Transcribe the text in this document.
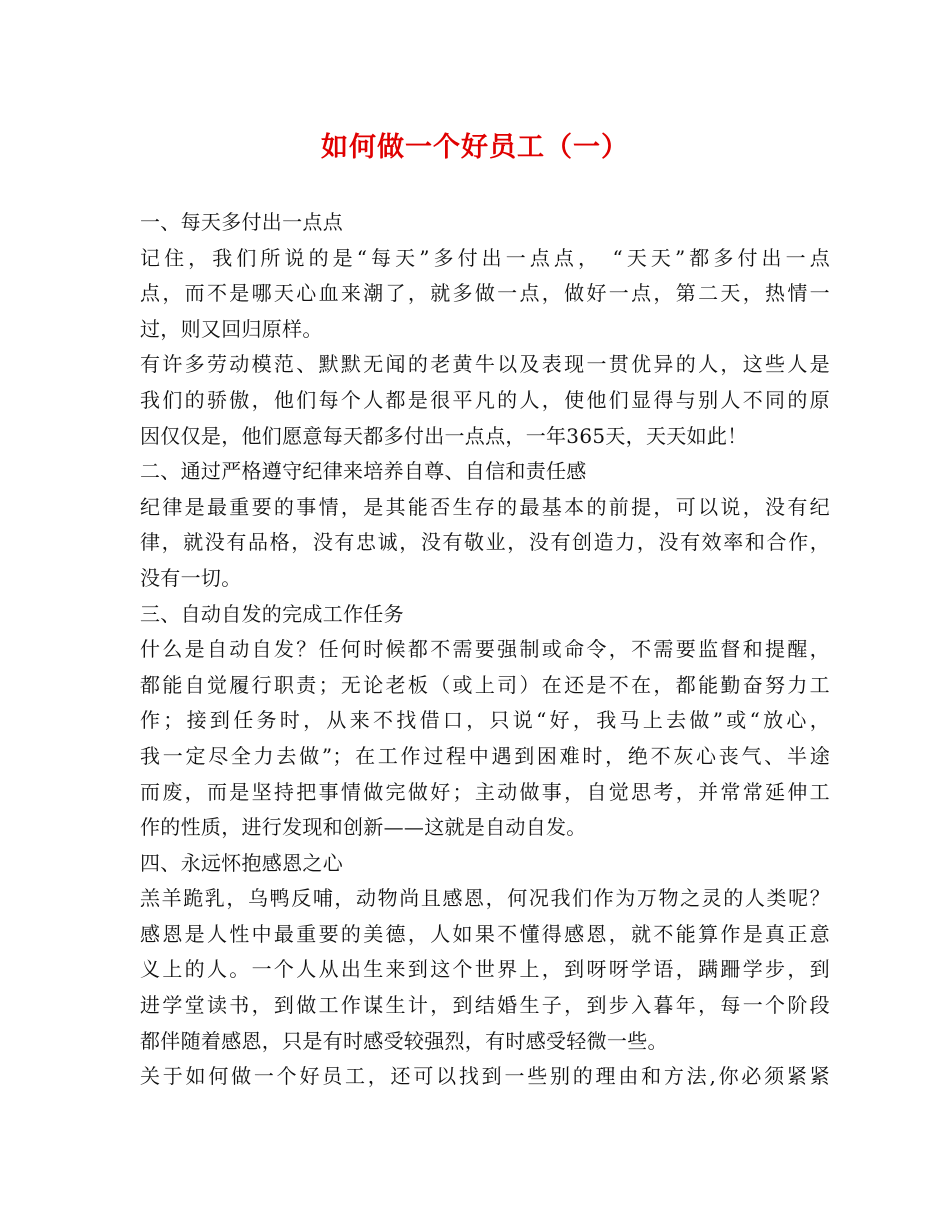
如何做一个好员工（一）
一、每天多付出一点点
记住，我们所说的是“每天”多付出一点点， “天天”都多付出一点
点，而不是哪天心血来潮了，就多做一点，做好一点，第二天，热情一
过，则又回归原样。
有许多劳动模范、默默无闻的老黄牛以及表现一贯优异的人，这些人是
我们的骄傲，他们每个人都是很平凡的人，使他们显得与别人不同的原
因仅仅是，他们愿意每天都多付出一点点，一年365天，天天如此！
二、通过严格遵守纪律来培养自尊、自信和责任感
纪律是最重要的事情，是其能否生存的最基本的前提，可以说，没有纪
律，就没有品格，没有忠诚，没有敬业，没有创造力，没有效率和合作，
没有一切。
三、自动自发的完成工作任务
什么是自动自发？任何时候都不需要强制或命令，不需要监督和提醒，
都能自觉履行职责；无论老板（或上司）在还是不在，都能勤奋努力工
作；接到任务时，从来不找借口，只说“好，我马上去做”或“放心，
我一定尽全力去做”；在工作过程中遇到困难时，绝不灰心丧气、半途
而废，而是坚持把事情做完做好；主动做事，自觉思考，并常常延伸工
作的性质，进行发现和创新——这就是自动自发。
四、永远怀抱感恩之心
羔羊跪乳，乌鸭反哺，动物尚且感恩，何况我们作为万物之灵的人类呢？
感恩是人性中最重要的美德，人如果不懂得感恩，就不能算作是真正意
义上的人。一个人从出生来到这个世界上，到呀呀学语，蹒跚学步，到
进学堂读书，到做工作谋生计，到结婚生子，到步入暮年，每一个阶段
都伴随着感恩，只是有时感受较强烈，有时感受轻微一些。
关于如何做一个好员工，还可以找到一些别的理由和方法,你必须紧紧
